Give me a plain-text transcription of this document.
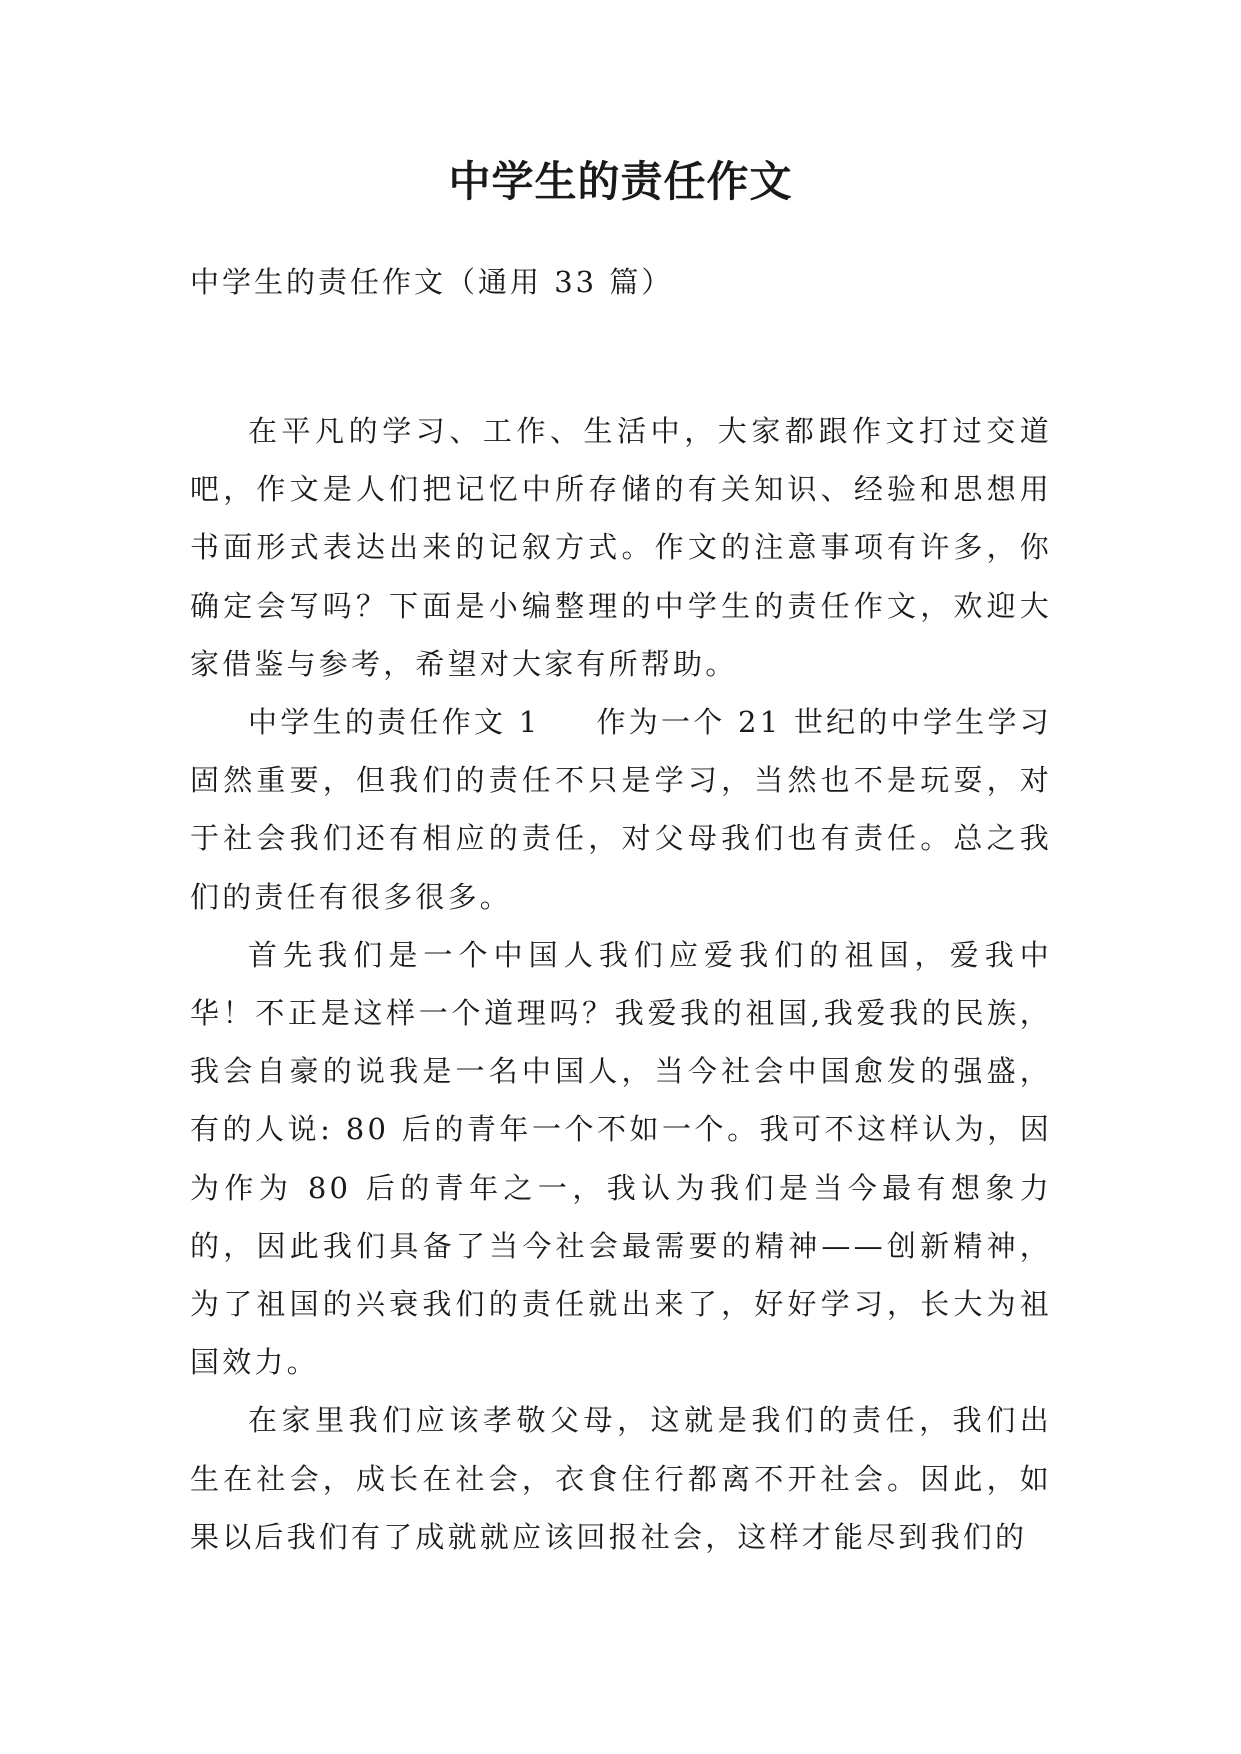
中学生的责任作文

中学生的责任作文（通用 33 篇）

在平凡的学习、工作、生活中，大家都跟作文打过交道吧，作文是人们把记忆中所存储的有关知识、经验和思想用书面形式表达出来的记叙方式。作文的注意事项有许多，你确定会写吗？下面是小编整理的中学生的责任作文，欢迎大家借鉴与参考，希望对大家有所帮助。

中学生的责任作文 1 作为一个 21 世纪的中学生学习固然重要，但我们的责任不只是学习，当然也不是玩耍，对于社会我们还有相应的责任，对父母我们也有责任。总之我们的责任有很多很多。

首先我们是一个中国人我们应爱我们的祖国，爱我中华！不正是这样一个道理吗？我爱我的祖国,我爱我的民族，我会自豪的说我是一名中国人，当今社会中国愈发的强盛，有的人说: 80 后的青年一个不如一个。我可不这样认为，因为作为 80 后的青年之一，我认为我们是当今最有想象力的，因此我们具备了当今社会最需要的精神——创新精神，为了祖国的兴衰我们的责任就出来了，好好学习，长大为祖国效力。

在家里我们应该孝敬父母，这就是我们的责任，我们出生在社会，成长在社会，衣食住行都离不开社会。因此，如果以后我们有了成就就应该回报社会，这样才能尽到我们的
